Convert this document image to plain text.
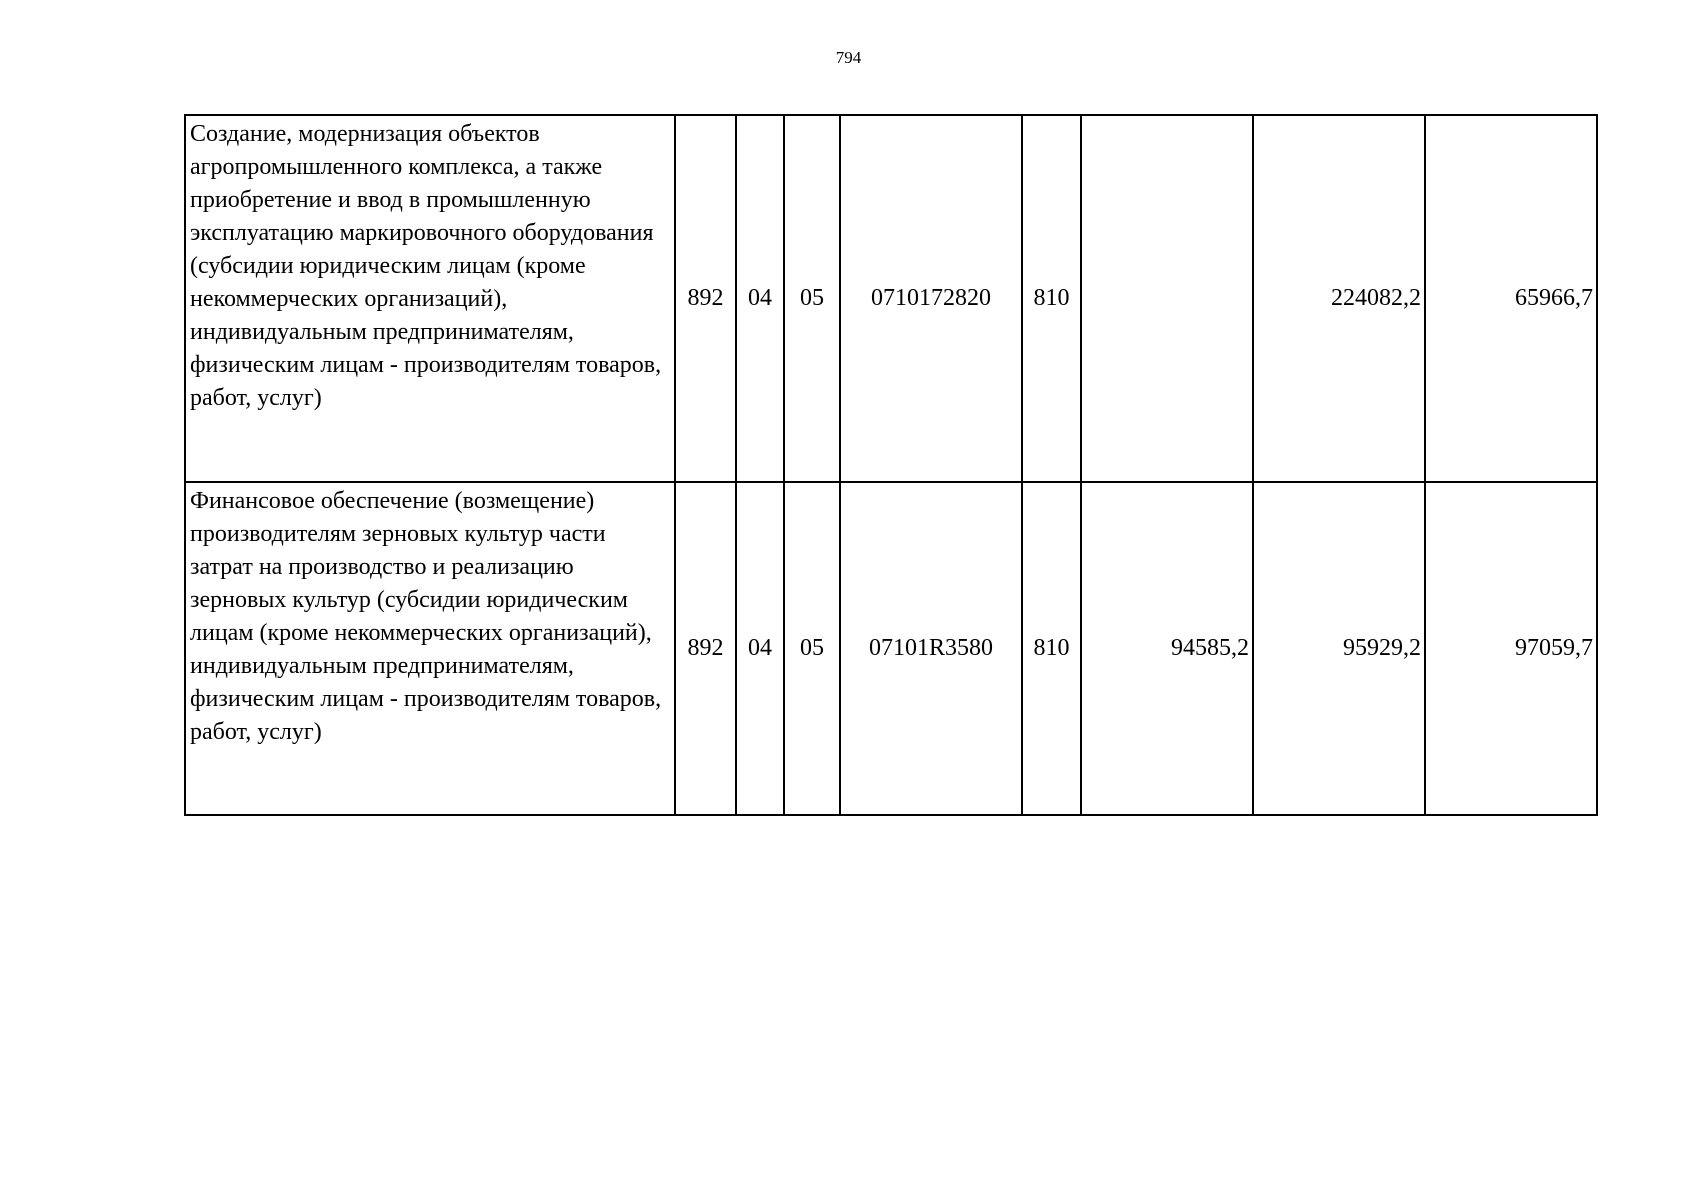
794
Создание, модернизация объектов агропромышленного комплекса, а также приобретение и ввод в промышленную эксплуатацию маркировочного оборудования (субсидии юридическим лицам (кроме некоммерческих организаций), индивидуальным предпринимателям, физическим лицам - производителям товаров, работ, услуг)	892	04	05	0710172820	810		224082,2	65966,7
Финансовое обеспечение (возмещение) производителям зерновых культур части затрат на производство и реализацию зерновых культур (субсидии юридическим лицам (кроме некоммерческих организаций), индивидуальным предпринимателям, физическим лицам - производителям товаров, работ, услуг)	892	04	05	07101R3580	810	94585,2	95929,2	97059,7
